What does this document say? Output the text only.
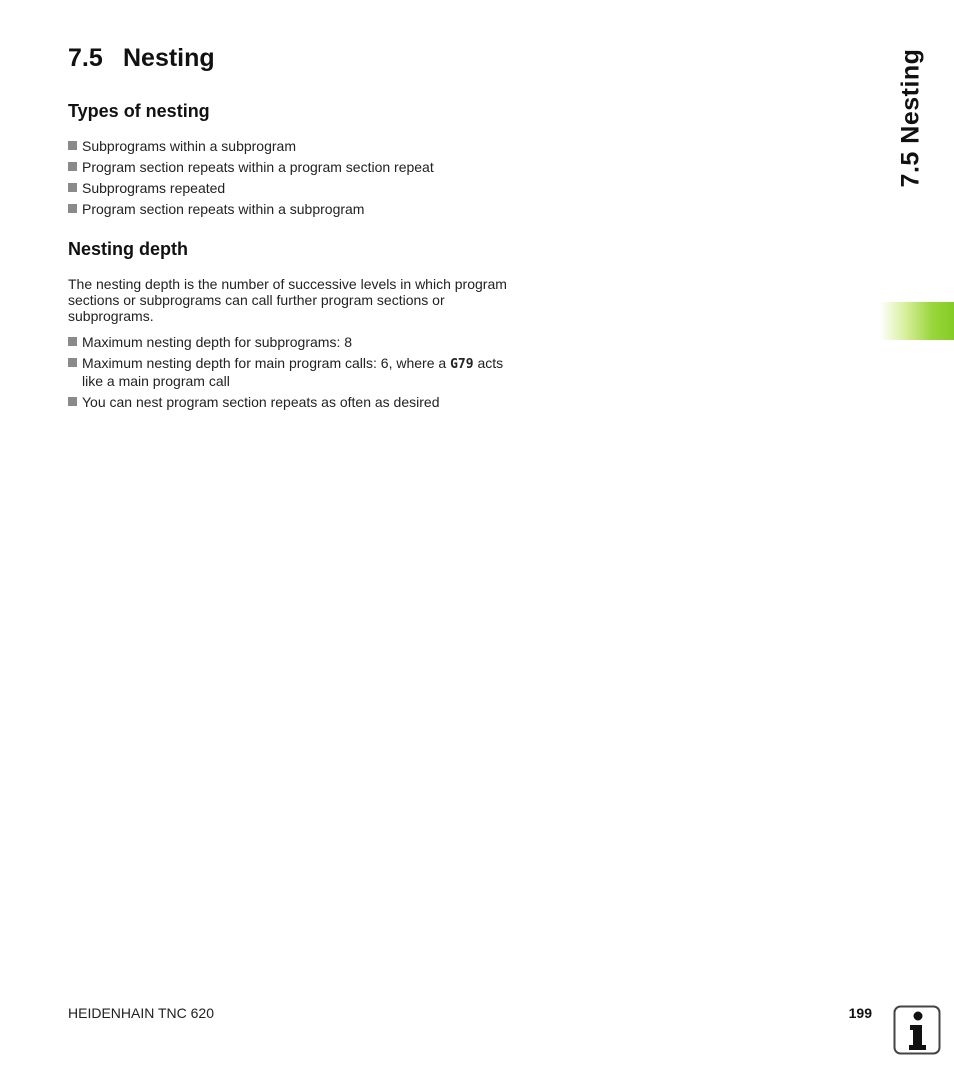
7.5 Nesting
Types of nesting
Subprograms within a subprogram
Program section repeats within a program section repeat
Subprograms repeated
Program section repeats within a subprogram
Nesting depth

The nesting depth is the number of successive levels in which program sections or subprograms can call further program sections or subprograms.

Maximum nesting depth for subprograms: 8
Maximum nesting depth for main program calls: 6, where a G79 acts like a main program call
You can nest program section repeats as often as desired
7.5 Nesting
HEIDENHAIN TNC 620	199
